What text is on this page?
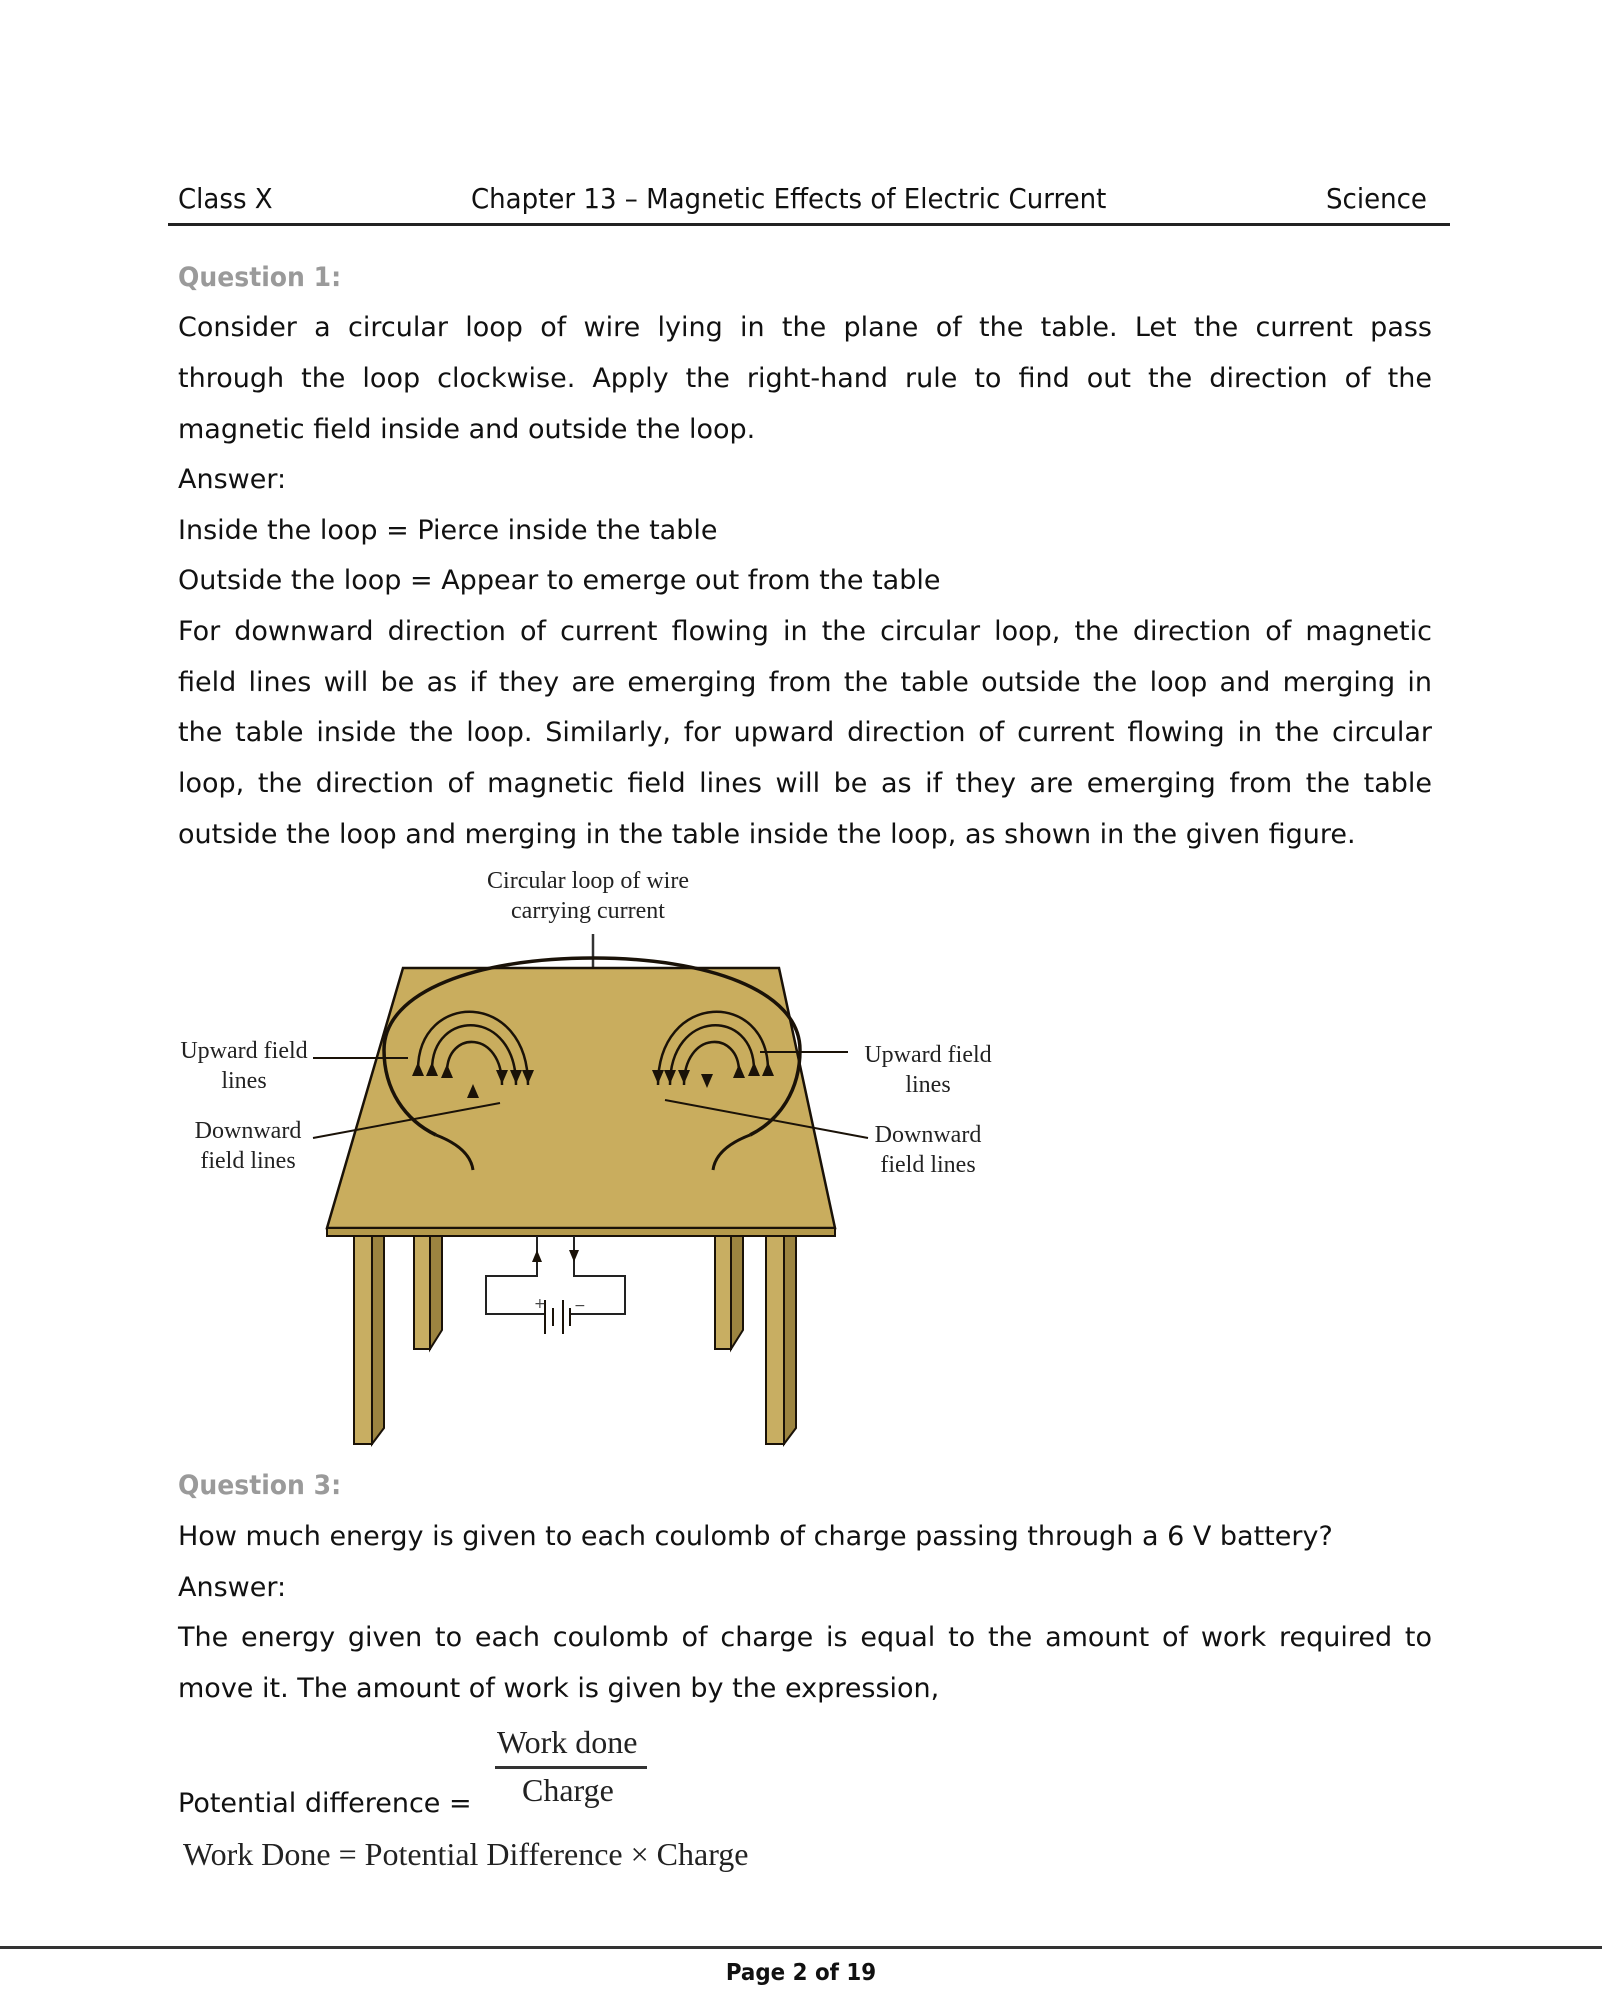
Class X	Chapter 13 – Magnetic Effects of Electric Current	Science
Question 1:
Consider a circular loop of wire lying in the plane of the table. Let the current pass
through the loop clockwise. Apply the right-hand rule to find out the direction of the
magnetic field inside and outside the loop.
Answer:
Inside the loop = Pierce inside the table
Outside the loop = Appear to emerge out from the table
For downward direction of current flowing in the circular loop, the direction of magnetic
field lines will be as if they are emerging from the table outside the loop and merging in
the table inside the loop. Similarly, for upward direction of current flowing in the circular
loop, the direction of magnetic field lines will be as if they are emerging from the table
outside the loop and merging in the table inside the loop, as shown in the given figure.
Circular loop of wire
carrying current
Upward field
lines
Downward
field lines
Upward field
lines
Downward
field lines
+ −
Question 3:
How much energy is given to each coulomb of charge passing through a 6 V battery?
Answer:
The energy given to each coulomb of charge is equal to the amount of work required to
move it. The amount of work is given by the expression,
Work done
Charge
Potential difference =
Work Done = Potential Difference × Charge
Page 2 of 19
